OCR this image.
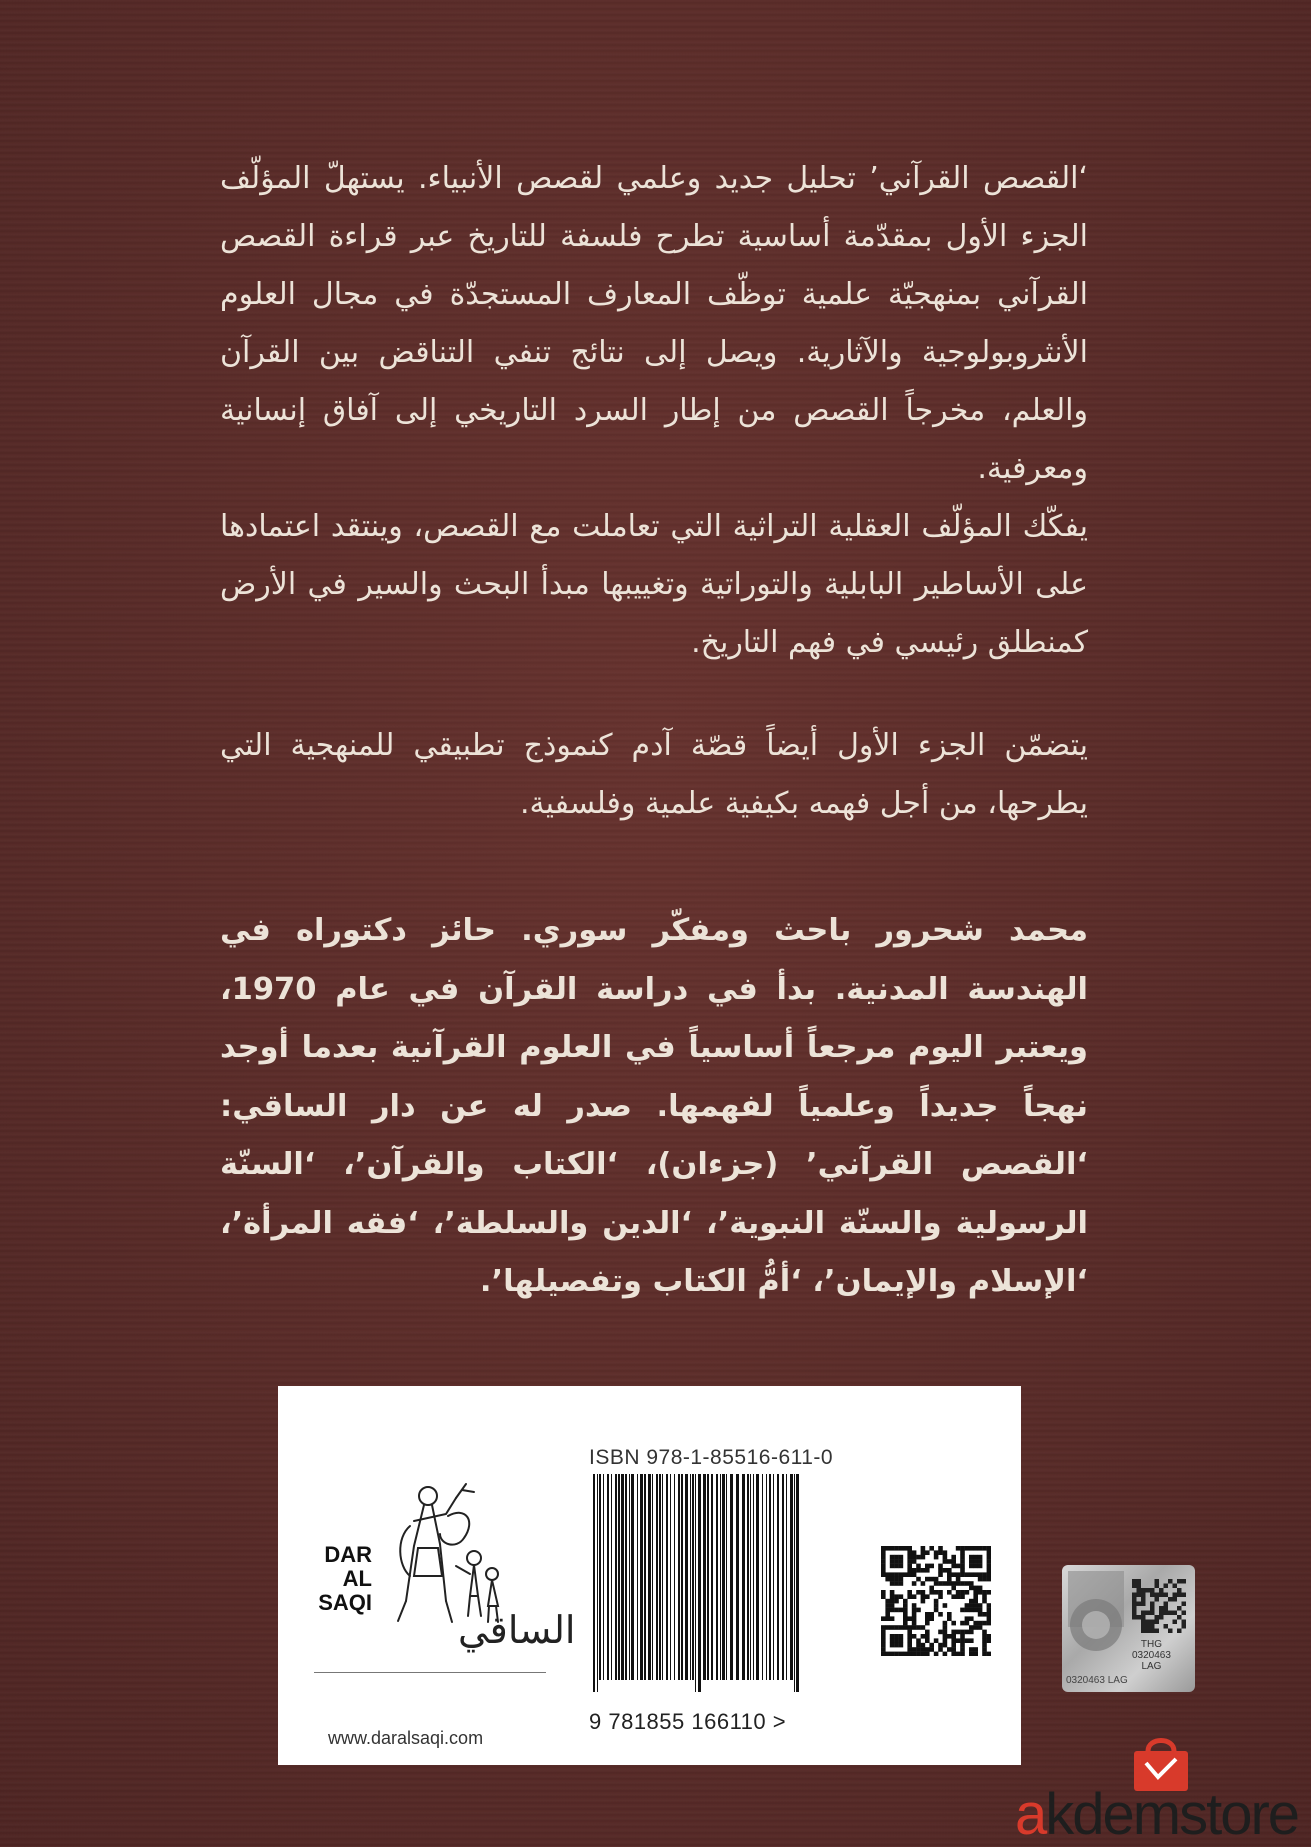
‘القصص القرآني’ تحليل جديد وعلمي لقصص الأنبياء. يستهلّ المؤلّف الجزء الأول بمقدّمة أساسية تطرح فلسفة للتاريخ عبر قراءة القصص القرآني بمنهجيّة علمية توظّف المعارف المستجدّة في مجال العلوم الأنثروبولوجية والآثارية. ويصل إلى نتائج تنفي التناقض بين القرآن والعلم، مخرجاً القصص من إطار السرد التاريخي إلى آفاق إنسانية ومعرفية.

يفكّك المؤلّف العقلية التراثية التي تعاملت مع القصص، وينتقد اعتمادها على الأساطير البابلية والتوراتية وتغييبها مبدأ البحث والسير في الأرض كمنطلق رئيسي في فهم التاريخ.

يتضمّن الجزء الأول أيضاً قصّة آدم كنموذج تطبيقي للمنهجية التي يطرحها، من أجل فهمه بكيفية علمية وفلسفية.

محمد شحرور باحث ومفكّر سوري. حائز دكتوراه في الهندسة المدنية. بدأ في دراسة القرآن في عام 1970، ويعتبر اليوم مرجعاً أساسياً في العلوم القرآنية بعدما أوجد نهجاً جديداً وعلمياً لفهمها. صدر له عن دار الساقي: ‘القصص القرآني’ (جزءان)، ‘الكتاب والقرآن’، ‘السنّة الرسولية والسنّة النبوية’، ‘الدين والسلطة’، ‘فقه المرأة’، ‘الإسلام والإيمان’، ‘أمُّ الكتاب وتفصيلها’.

DAR
AL SAQI
الساقي
www.daralsaqi.com
ISBN 978-1-85516-611-0
9 781855 166110 >
THG
0320463
LAG
0320463 LAG
akdemstore
